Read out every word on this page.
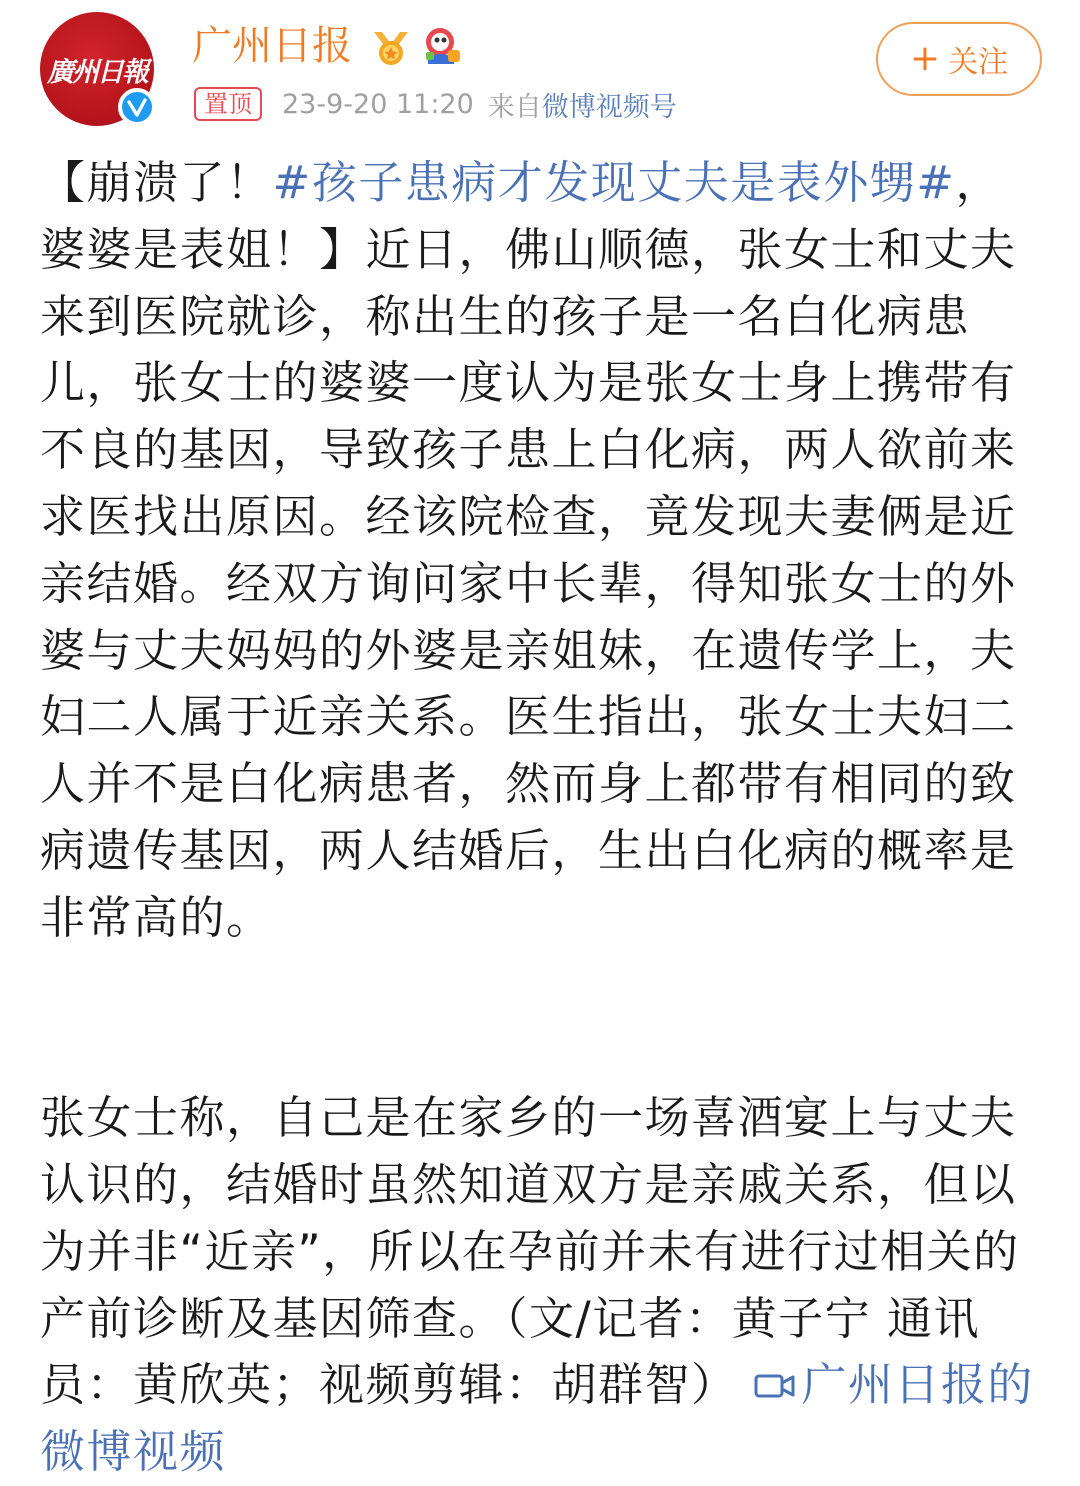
廣州日報
广州日报
置顶	23-9-20 11:20 来自 微博视频号
+ 关注

【崩溃了！#孩子患病才发现丈夫是表外甥#，婆婆是表姐！】近日，佛山顺德，张女士和丈夫来到医院就诊，称出生的孩子是一名白化病患儿，张女士的婆婆一度认为是张女士身上携带有不良的基因，导致孩子患上白化病，两人欲前来求医找出原因。经该院检查，竟发现夫妻俩是近亲结婚。经双方询问家中长辈，得知张女士的外婆与丈夫妈妈的外婆是亲姐妹，在遗传学上，夫妇二人属于近亲关系。医生指出，张女士夫妇二人并不是白化病患者，然而身上都带有相同的致病遗传基因，两人结婚后，生出白化病的概率是非常高的。

张女士称，自己是在家乡的一场喜酒宴上与丈夫认识的，结婚时虽然知道双方是亲戚关系，但以为并非“近亲”，所以在孕前并未有进行过相关的产前诊断及基因筛查。（文/记者：黄子宁 通讯员：黄欣英；视频剪辑：胡群智） 广州日报的微博视频
